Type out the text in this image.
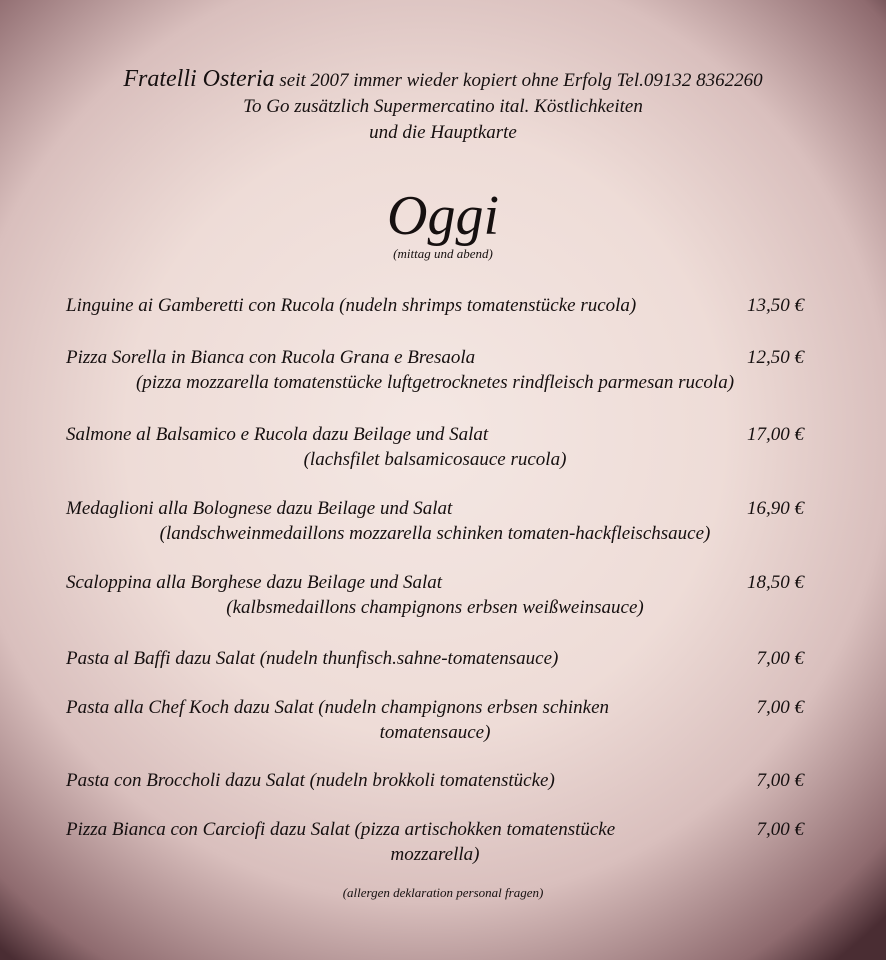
Fratelli Osteria seit 2007 immer wieder kopiert ohne Erfolg Tel.09132 8362260
To Go zusätzlich Supermercatino ital. Köstlichkeiten
und die Hauptkarte
Oggi
(mittag und abend)
Linguine ai Gamberetti con Rucola (nudeln shrimps tomatenstücke rucola)	13,50 €
Pizza Sorella in Bianca con Rucola Grana e Bresaola	12,50 €
(pizza mozzarella tomatenstücke luftgetrocknetes rindfleisch parmesan rucola)
Salmone al Balsamico e Rucola dazu Beilage und Salat	17,00 €
(lachsfilet balsamicosauce rucola)
Medaglioni alla Bolognese dazu Beilage und Salat	16,90 €
(landschweinmedaillons mozzarella schinken tomaten-hackfleischsauce)
Scaloppina alla Borghese dazu Beilage und Salat	18,50 €
(kalbsmedaillons champignons erbsen weißweinsauce)
Pasta al Baffi dazu Salat (nudeln thunfisch.sahne-tomatensauce)	7,00 €
Pasta alla Chef Koch dazu Salat (nudeln champignons erbsen schinken	7,00 €
tomatensauce)
Pasta con Broccholi dazu Salat (nudeln brokkoli tomatenstücke)	7,00 €
Pizza Bianca con Carciofi dazu Salat (pizza artischokken tomatenstücke	7,00 €
mozzarella)
(allergen deklaration personal fragen)
